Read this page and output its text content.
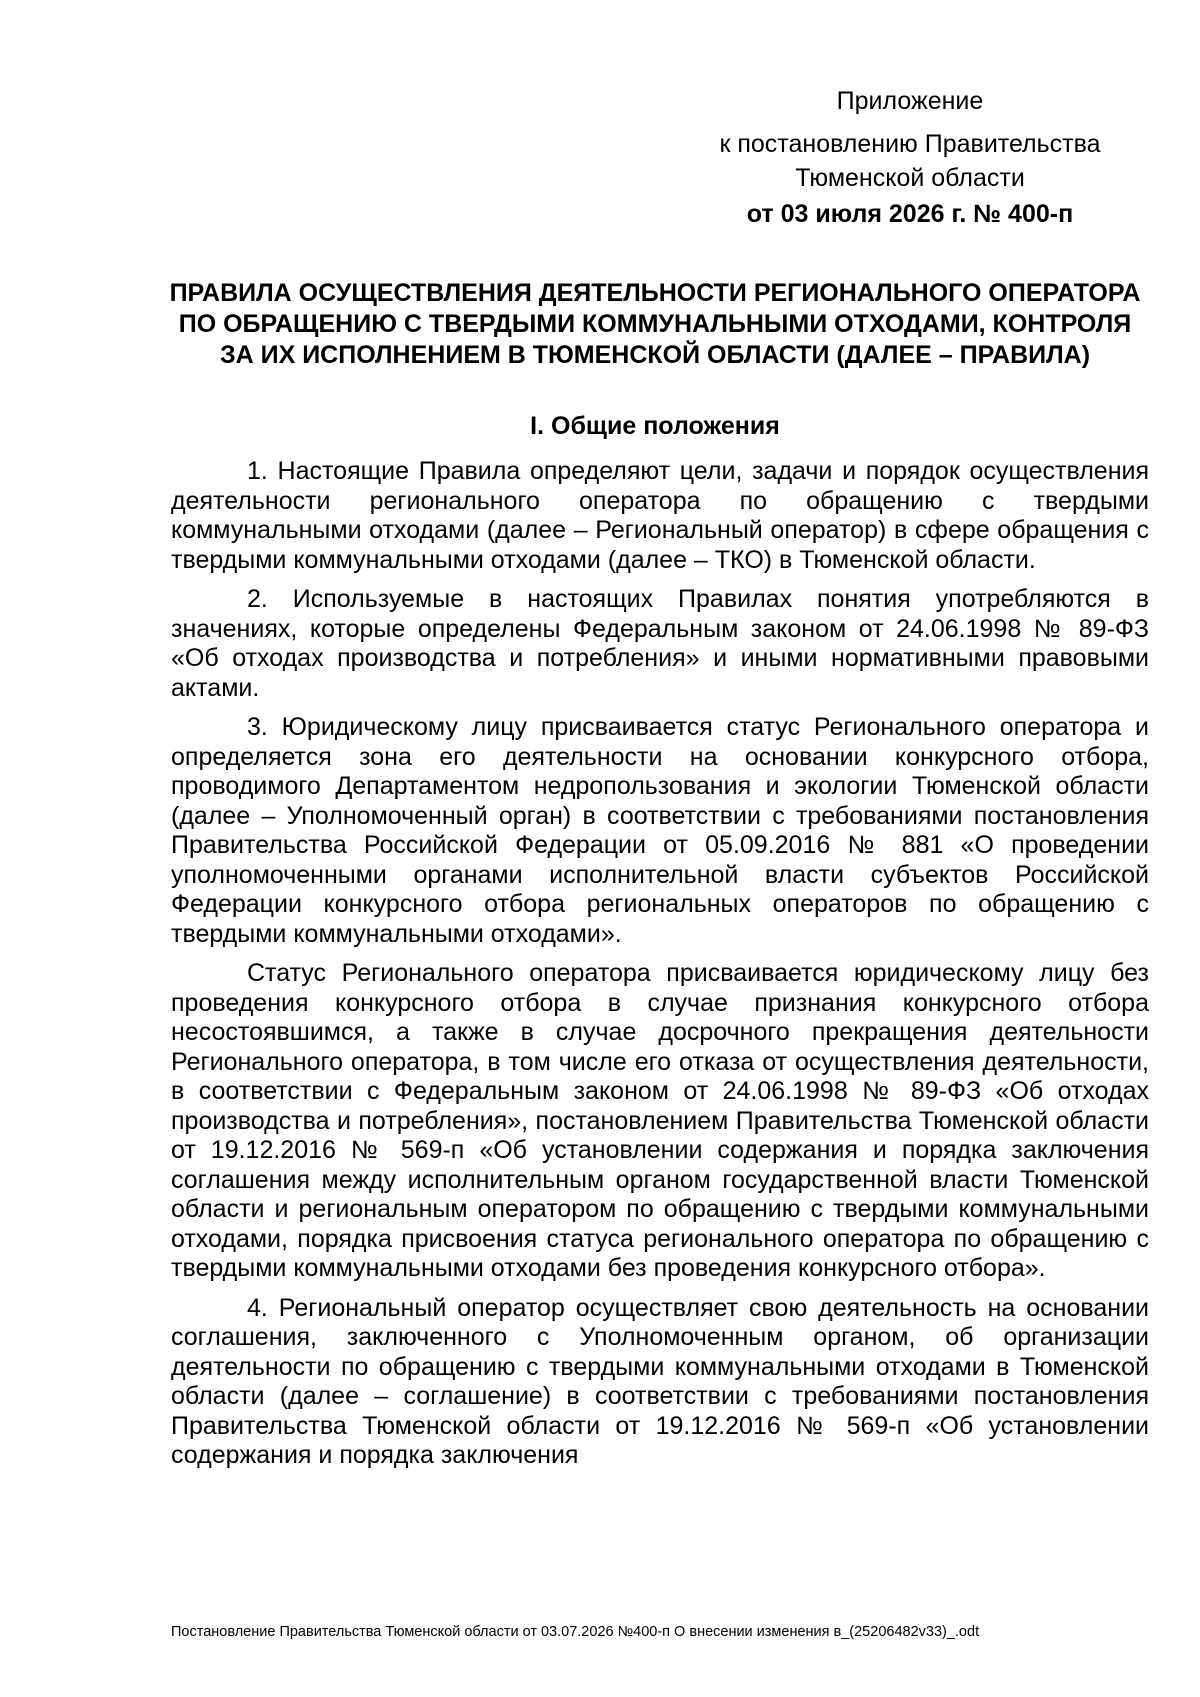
Приложение
к постановлению Правительства Тюменской области
от 03 июля 2026 г. № 400-п
ПРАВИЛА ОСУЩЕСТВЛЕНИЯ ДЕЯТЕЛЬНОСТИ РЕГИОНАЛЬНОГО ОПЕРАТОРА ПО ОБРАЩЕНИЮ С ТВЕРДЫМИ КОММУНАЛЬНЫМИ ОТХОДАМИ, КОНТРОЛЯ ЗА ИХ ИСПОЛНЕНИЕМ В ТЮМЕНСКОЙ ОБЛАСТИ (ДАЛЕЕ – ПРАВИЛА)
I. Общие положения

1. Настоящие Правила определяют цели, задачи и порядок осуществления деятельности регионального оператора по обращению с твердыми коммунальными отходами (далее – Региональный оператор) в сфере обращения с твердыми коммунальными отходами (далее – ТКО) в Тюменской области.

2. Используемые в настоящих Правилах понятия употребляются в значениях, которые определены Федеральным законом от 24.06.1998 № 89-ФЗ «Об отходах производства и потребления» и иными нормативными правовыми актами.

3. Юридическому лицу присваивается статус Регионального оператора и определяется зона его деятельности на основании конкурсного отбора, проводимого Департаментом недропользования и экологии Тюменской области (далее – Уполномоченный орган) в соответствии с требованиями постановления Правительства Российской Федерации от 05.09.2016 № 881 «О проведении уполномоченными органами исполнительной власти субъектов Российской Федерации конкурсного отбора региональных операторов по обращению с твердыми коммунальными отходами».

Статус Регионального оператора присваивается юридическому лицу без проведения конкурсного отбора в случае признания конкурсного отбора несостоявшимся, а также в случае досрочного прекращения деятельности Регионального оператора, в том числе его отказа от осуществления деятельности, в соответствии с Федеральным законом от 24.06.1998 № 89-ФЗ «Об отходах производства и потребления», постановлением Правительства Тюменской области от 19.12.2016 № 569-п «Об установлении содержания и порядка заключения соглашения между исполнительным органом государственной власти Тюменской области и региональным оператором по обращению с твердыми коммунальными отходами, порядка присвоения статуса регионального оператора по обращению с твердыми коммунальными отходами без проведения конкурсного отбора».

4. Региональный оператор осуществляет свою деятельность на основании соглашения, заключенного с Уполномоченным органом, об организации деятельности по обращению с твердыми коммунальными отходами в Тюменской области (далее – соглашение) в соответствии с требованиями постановления Правительства Тюменской области от 19.12.2016 № 569-п «Об установлении содержания и порядка заключения

Постановление Правительства Тюменской области от 03.07.2026 №400-п О внесении изменения в_(25206482v33)_.odt
